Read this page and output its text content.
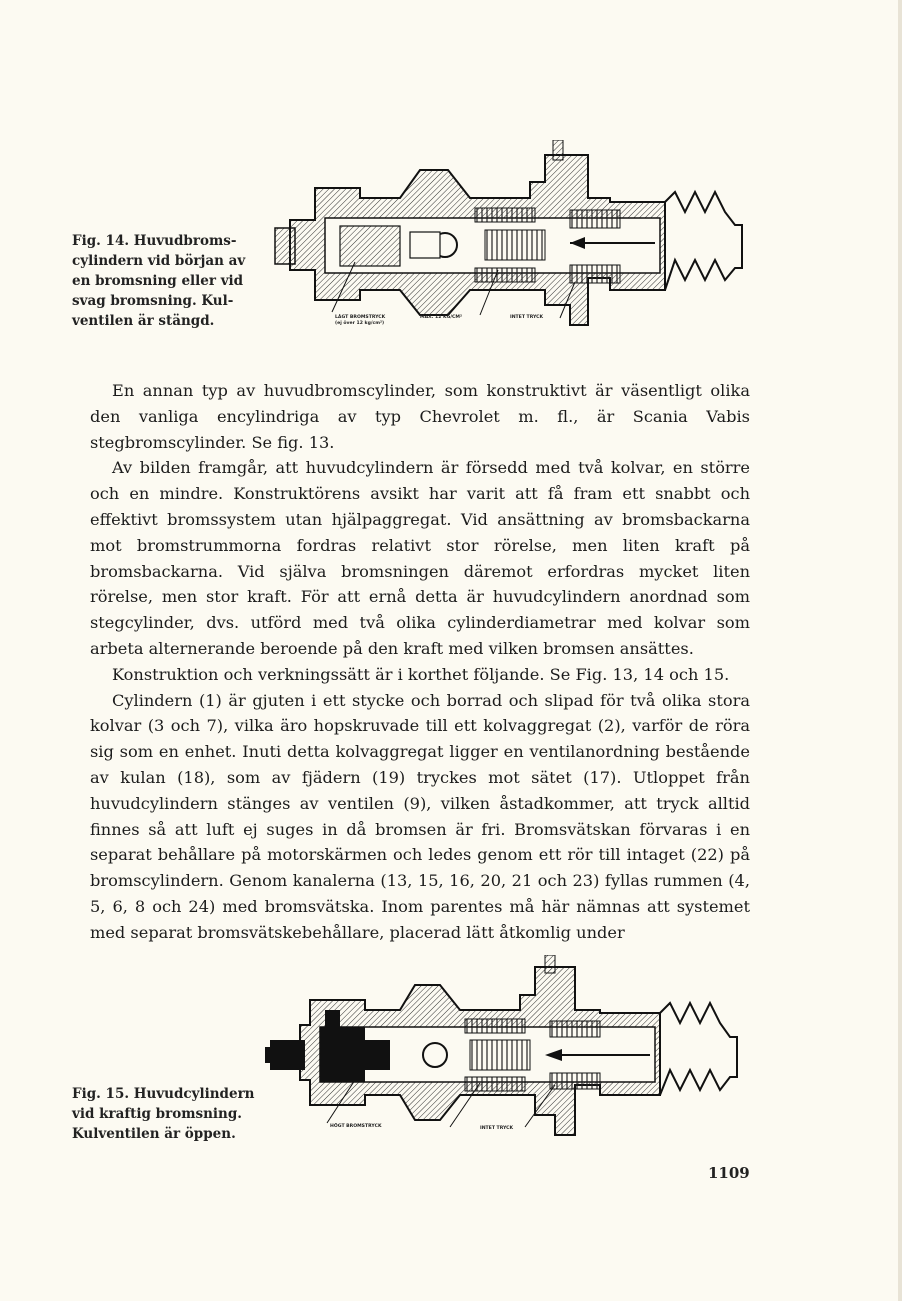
Fig. 14. Huvudbroms-
cylindern vid början av
en bromsning eller vid
svag bromsning. Kul-
ventilen är stängd.	LÅGT BROMSTRYCK
(ej över 12 kg/cm²)
MAX. 12 KG/CM²	INTET TRYCK

En annan typ av huvudbromscylinder, som konstruktivt är väsentligt olika den vanliga encylindriga av typ Chevrolet m. fl., är Scania Vabis stegbromscylinder. Se fig. 13.

Av bilden framgår, att huvudcylindern är försedd med två kolvar, en större och en mindre. Konstruktörens avsikt har varit att få fram ett snabbt och effektivt bromssystem utan hjälpaggregat. Vid ansättning av bromsbackarna mot bromstrummorna fordras relativt stor rörelse, men liten kraft på bromsbackarna. Vid själva bromsningen däremot erfordras mycket liten rörelse, men stor kraft. För att ernå detta är huvudcylindern anordnad som stegcylinder, dvs. utförd med två olika cylinderdiametrar med kolvar som arbeta alternerande beroende på den kraft med vilken bromsen ansättes.

Konstruktion och verkningssätt är i korthet följande. Se Fig. 13, 14 och 15.

Cylindern (1) är gjuten i ett stycke och borrad och slipad för två olika stora kolvar (3 och 7), vilka äro hopskruvade till ett kolvaggregat (2), varför de röra sig som en enhet. Inuti detta kolvaggregat ligger en ventilanordning bestående av kulan (18), som av fjädern (19) tryckes mot sätet (17). Utloppet från huvudcylindern stänges av ventilen (9), vilken åstadkommer, att tryck alltid finnes så att luft ej suges in då bromsen är fri. Bromsvätskan förvaras i en separat behållare på motorskärmen och ledes genom ett rör till intaget (22) på bromscylindern. Genom kanalerna (13, 15, 16, 20, 21 och 23) fyllas rummen (4, 5, 6, 8 och 24) med bromsvätska. Inom parentes må här nämnas att systemet med separat bromsvätskebehållare, placerad lätt åtkomlig under

HÖGT BROMSTRYCK	INTET TRYCK
Fig. 15. Huvudcylindern
vid kraftig bromsning.
Kulventilen är öppen.
1109
